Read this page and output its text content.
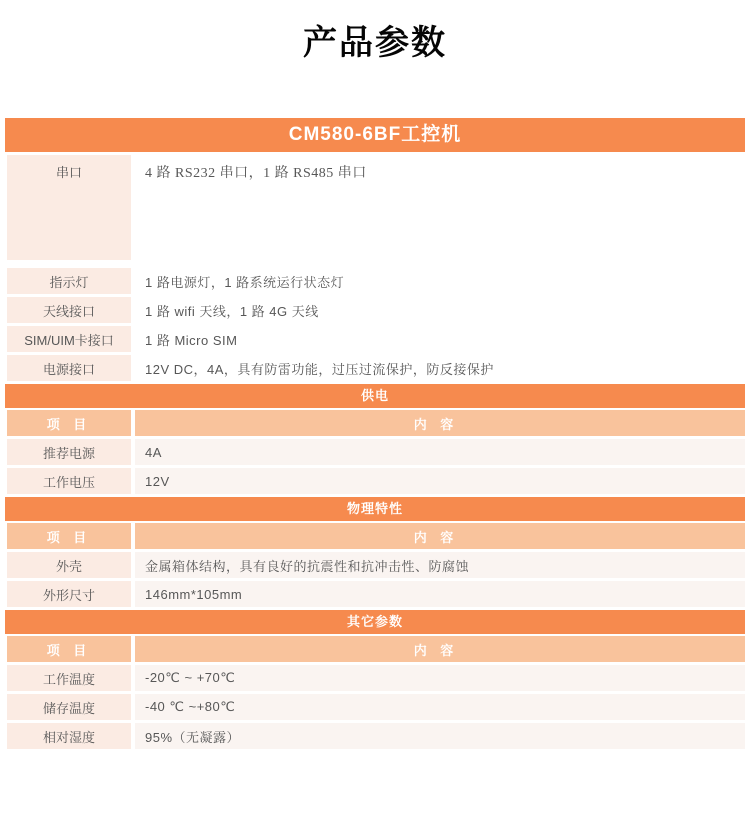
产品参数
CM580-6BF工控机
串口	4 路 RS232 串口，1 路 RS485 串口
指示灯	1 路电源灯，1 路系统运行状态灯
天线接口	1 路 wifi 天线，1 路 4G 天线
SIM/UIM卡接口	1 路 Micro SIM
电源接口	12V DC，4A，具有防雷功能，过压过流保护，防反接保护
供电
项 目	内 容
推荐电源	4A
工作电压	12V
物理特性
项 目	内 容
外壳	金属箱体结构，具有良好的抗震性和抗冲击性、防腐蚀
外形尺寸	146mm*105mm
其它参数
项 目	内 容
工作温度	-20℃ ~ +70℃
储存温度	-40 ℃ ~+80℃
相对湿度	95%（无凝露）
